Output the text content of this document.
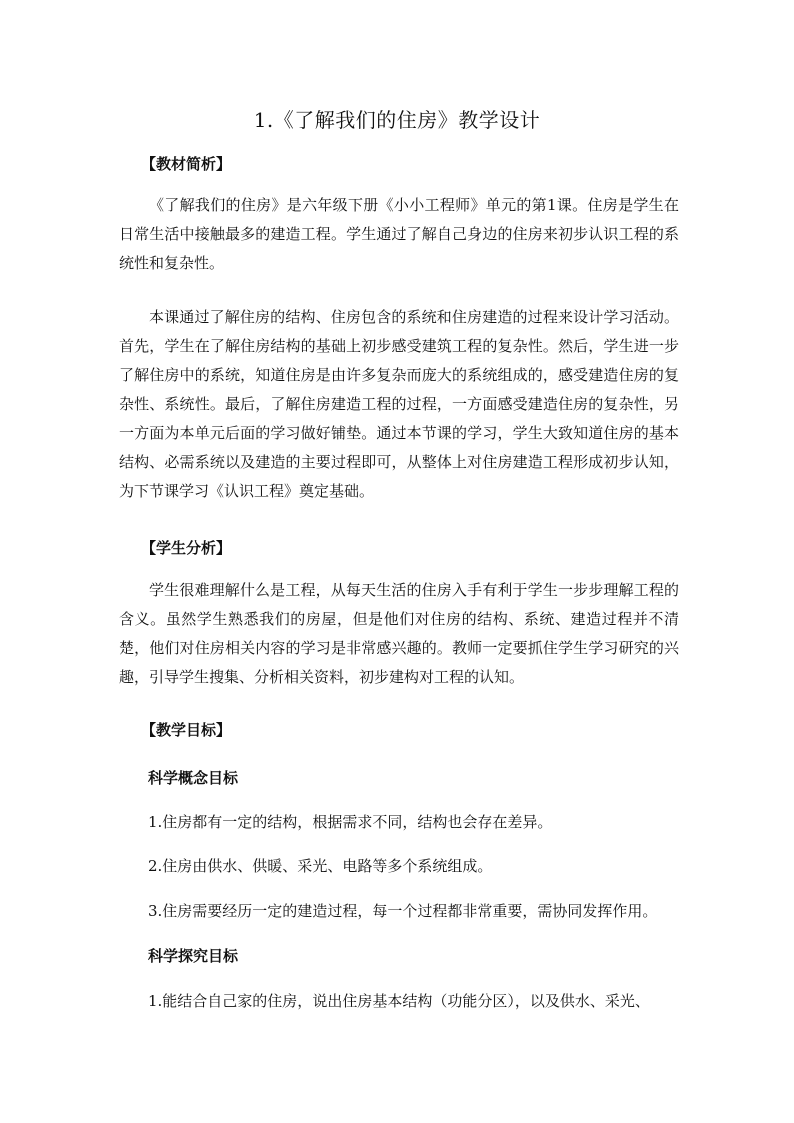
1.《了解我们的住房》教学设计
【教材简析】

《了解我们的住房》是六年级下册《小小工程师》单元的第1课。住房是学生在日常生活中接触最多的建造工程。学生通过了解自己身边的住房来初步认识工程的系统性和复杂性。

本课通过了解住房的结构、住房包含的系统和住房建造的过程来设计学习活动。首先，学生在了解住房结构的基础上初步感受建筑工程的复杂性。然后，学生进一步了解住房中的系统，知道住房是由许多复杂而庞大的系统组成的，感受建造住房的复杂性、系统性。最后，了解住房建造工程的过程，一方面感受建造住房的复杂性，另一方面为本单元后面的学习做好铺垫。通过本节课的学习，学生大致知道住房的基本结构、必需系统以及建造的主要过程即可，从整体上对住房建造工程形成初步认知，为下节课学习《认识工程》奠定基础。

【学生分析】

学生很难理解什么是工程，从每天生活的住房入手有利于学生一步步理解工程的含义。虽然学生熟悉我们的房屋，但是他们对住房的结构、系统、建造过程并不清楚，他们对住房相关内容的学习是非常感兴趣的。教师一定要抓住学生学习研究的兴趣，引导学生搜集、分析相关资料，初步建构对工程的认知。

【教学目标】
科学概念目标

1.住房都有一定的结构，根据需求不同，结构也会存在差异。

2.住房由供水、供暖、采光、电路等多个系统组成。

3.住房需要经历一定的建造过程，每一个过程都非常重要，需协同发挥作用。

科学探究目标

1.能结合自己家的住房，说出住房基本结构（功能分区），以及供水、采光、
